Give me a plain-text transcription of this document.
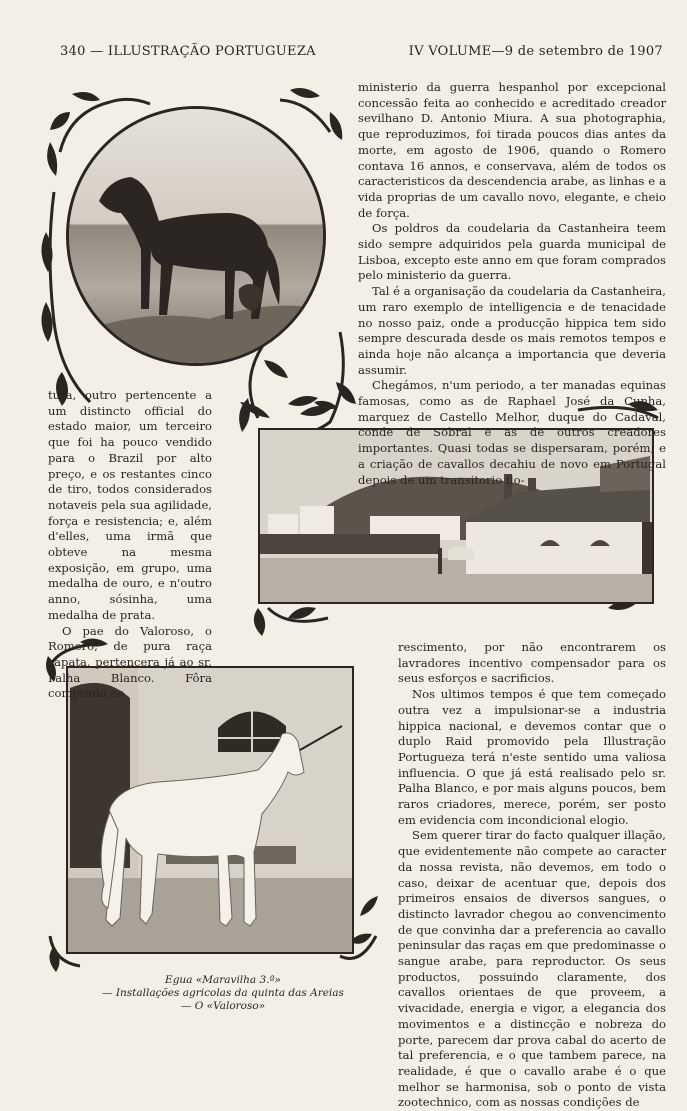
340 — ILLUSTRAÇÃO PORTUGUEZA	IV VOLUME—9 de setembro de 1907

ministerio da guerra hespanhol por excepcional concessão feita ao conhecido e acreditado creador sevilhano D. Antonio Miura. A sua photographia, que reproduzimos, foi tirada poucos dias antes da morte, em agosto de 1906, quando o Romero contava 16 annos, e conservava, além de todos os caracteristicos da descendencia arabe, as linhas e a vida proprias de um cavallo novo, elegante, e cheio de força.

Os poldros da coudelaria da Castanheira teem sido sempre adquiridos pela guarda municipal de Lisboa, excepto este anno em que foram comprados pelo ministerio da guerra.

Tal é a organisação da coudelaria da Castanheira, um raro exemplo de intelligencia e de tenacidade no nosso paiz, onde a producção hippica tem sido sempre descurada desde os mais remotos tempos e ainda hoje não alcança a importancia que deveria assumir.

Chegámos, n'um periodo, a ter manadas equinas famosas, como as de Raphael José da Cunha, marquez de Castello Melhor, duque do Cadaval, conde de Sobral e as de outros creadores importantes. Quasi todas se dispersaram, porém, e a criação de cavallos decahiu de novo em Portugal depois de um transitorio flo-

tura, outro pertencente a um distincto official do estado maior, um terceiro que foi ha pouco vendido para o Brazil por alto preço, e os restantes cinco de tiro, todos considerados notaveis pela sua agilidade, força e resistencia; e, além d'elles, uma irmã que obteve na mesma exposição, em grupo, uma medalha de ouro, e n'outro anno, sósinha, uma medalha de prata.

O pae do Valoroso, o Romero, de pura raça zapata, pertencera já ao sr. Palha Blanco. Fôra comprado ao

rescimento, por não encontrarem os lavradores incentivo compensador para os seus esforços e sacrificios.

Nos ultimos tempos é que tem começado outra vez a impulsionar-se a industria hippica nacional, e devemos contar que o duplo Raid promovido pela Illustração Portugueza terá n'este sentido uma valiosa influencia. O que já está realisado pelo sr. Palha Blanco, e por mais alguns poucos, bem raros criadores, merece, porém, ser posto em evidencia com incondicional elogio.

Sem querer tirar do facto qualquer illação, que evidentemente não compete ao caracter da nossa revista, não devemos, em todo o caso, deixar de acentuar que, depois dos primeiros ensaios de diversos sangues, o distincto lavrador chegou ao convencimento de que convinha dar a preferencia ao cavallo peninsular das raças em que predominasse o sangue arabe, para reproductor. Os seus productos, possuindo claramente, dos cavallos orientaes de que proveem, a vivacidade, energia e vigor, a elegancia dos movimentos e a distincção e nobreza do porte, parecem dar prova cabal do acerto de tal preferencia, e o que tambem parece, na realidade, é que o cavallo arabe é o que melhor se harmonisa, sob o ponto de vista zootechnico, com as nossas condições de

Egua «Maravilha 3.ª»
— Installações agricolas da quinta das Areias
— O «Valoroso»
